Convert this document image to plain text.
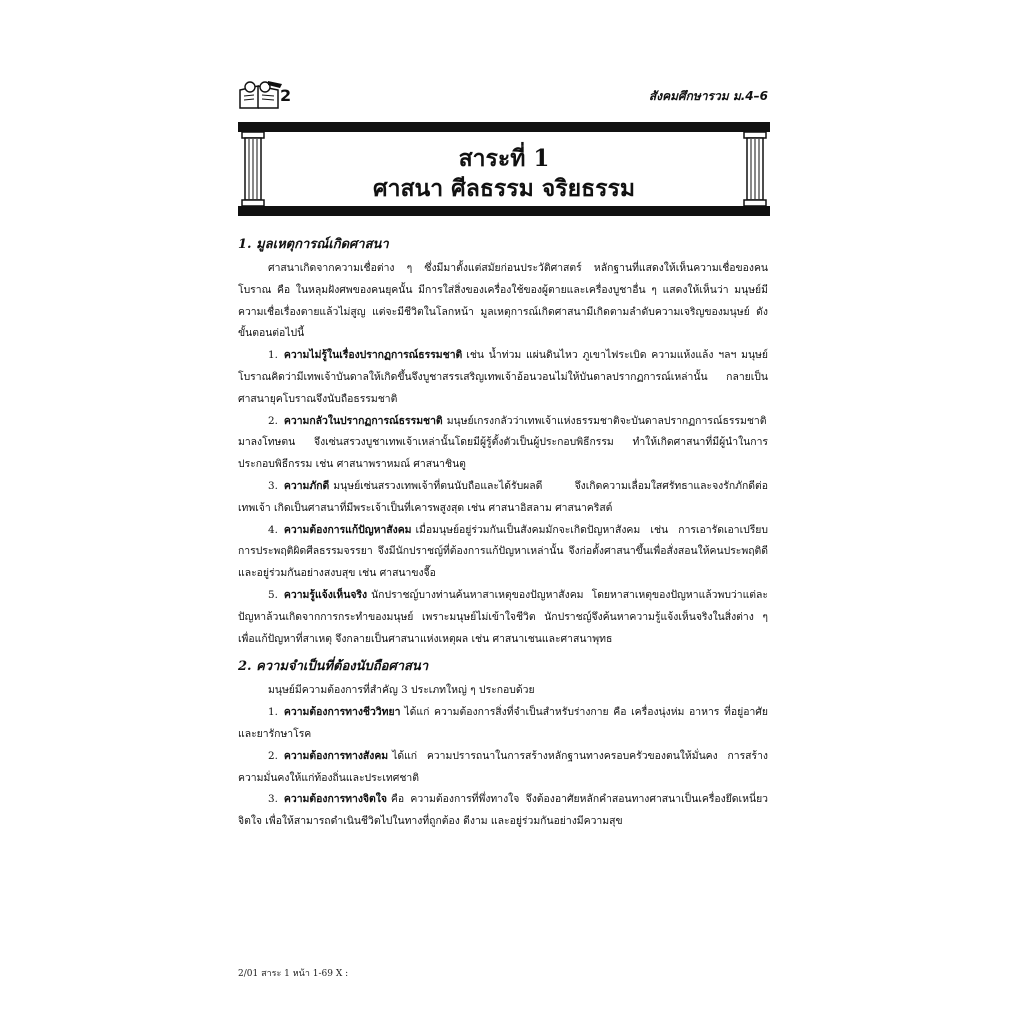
2	สังคมศึกษารวม ม.4–6
สาระที่ 1
ศาสนา ศีลธรรม จริยธรรม

1. มูลเหตุการณ์เกิดศาสนา

ศาสนาเกิดจากความเชื่อต่าง ๆ ซึ่งมีมาตั้งแต่สมัยก่อนประวัติศาสตร์ หลักฐานที่แสดงให้เห็นความเชื่อของคนโบราณ คือ ในหลุมฝังศพของคนยุคนั้น มีการใส่สิ่งของเครื่องใช้ของผู้ตายและเครื่องบูชาอื่น ๆ แสดงให้เห็นว่า มนุษย์มีความเชื่อเรื่องตายแล้วไม่สูญ แต่จะมีชีวิตในโลกหน้า มูลเหตุการณ์เกิดศาสนามีเกิดตามลำดับความเจริญของมนุษย์ ดังขั้นตอนต่อไปนี้

1. ความไม่รู้ในเรื่องปรากฏการณ์ธรรมชาติ เช่น น้ำท่วม แผ่นดินไหว ภูเขาไฟระเบิด ความแห้งแล้ง ฯลฯ มนุษย์โบราณคิดว่ามีเทพเจ้าบันดาลให้เกิดขึ้นจึงบูชาสรรเสริญเทพเจ้าอ้อนวอนไม่ให้บันดาลปรากฏการณ์เหล่านั้น กลายเป็นศาสนายุคโบราณจึงนับถือธรรมชาติ

2. ความกลัวในปรากฏการณ์ธรรมชาติ มนุษย์เกรงกลัวว่าเทพเจ้าแห่งธรรมชาติจะบันดาลปรากฏการณ์ธรรมชาติมาลงโทษตน จึงเซ่นสรวงบูชาเทพเจ้าเหล่านั้นโดยมีผู้รู้ตั้งตัวเป็นผู้ประกอบพิธีกรรม ทำให้เกิดศาสนาที่มีผู้นำในการประกอบพิธีกรรม เช่น ศาสนาพราหมณ์ ศาสนาชินตู

3. ความภักดี มนุษย์เซ่นสรวงเทพเจ้าที่ตนนับถือและได้รับผลดี จึงเกิดความเลื่อมใสศรัทธาและจงรักภักดีต่อเทพเจ้า เกิดเป็นศาสนาที่มีพระเจ้าเป็นที่เคารพสูงสุด เช่น ศาสนาอิสลาม ศาสนาคริสต์

4. ความต้องการแก้ปัญหาสังคม เมื่อมนุษย์อยู่ร่วมกันเป็นสังคมมักจะเกิดปัญหาสังคม เช่น การเอารัดเอาเปรียบ การประพฤติผิดศีลธรรมจรรยา จึงมีนักปราชญ์ที่ต้องการแก้ปัญหาเหล่านั้น จึงก่อตั้งศาสนาขึ้นเพื่อสั่งสอนให้คนประพฤติดีและอยู่ร่วมกันอย่างสงบสุข เช่น ศาสนาขงจื๊อ

5. ความรู้แจ้งเห็นจริง นักปราชญ์บางท่านค้นหาสาเหตุของปัญหาสังคม โดยหาสาเหตุของปัญหาแล้วพบว่าแต่ละปัญหาล้วนเกิดจากการกระทำของมนุษย์ เพราะมนุษย์ไม่เข้าใจชีวิต นักปราชญ์จึงค้นหาความรู้แจ้งเห็นจริงในสิ่งต่าง ๆ เพื่อแก้ปัญหาที่สาเหตุ จึงกลายเป็นศาสนาแห่งเหตุผล เช่น ศาสนาเชนและศาสนาพุทธ

2. ความจำเป็นที่ต้องนับถือศาสนา

มนุษย์มีความต้องการที่สำคัญ 3 ประเภทใหญ่ ๆ ประกอบด้วย

1. ความต้องการทางชีววิทยา ได้แก่ ความต้องการสิ่งที่จำเป็นสำหรับร่างกาย คือ เครื่องนุ่งห่ม อาหาร ที่อยู่อาศัย และยารักษาโรค

2. ความต้องการทางสังคม ได้แก่ ความปรารถนาในการสร้างหลักฐานทางครอบครัวของตนให้มั่นคง การสร้างความมั่นคงให้แก่ท้องถิ่นและประเทศชาติ

3. ความต้องการทางจิตใจ คือ ความต้องการที่พึ่งทางใจ จึงต้องอาศัยหลักคำสอนทางศาสนาเป็นเครื่องยึดเหนี่ยวจิตใจ เพื่อให้สามารถดำเนินชีวิตไปในทางที่ถูกต้อง ดีงาม และอยู่ร่วมกันอย่างมีความสุข

2/01 สาระ 1 หน้า 1-69 X :
